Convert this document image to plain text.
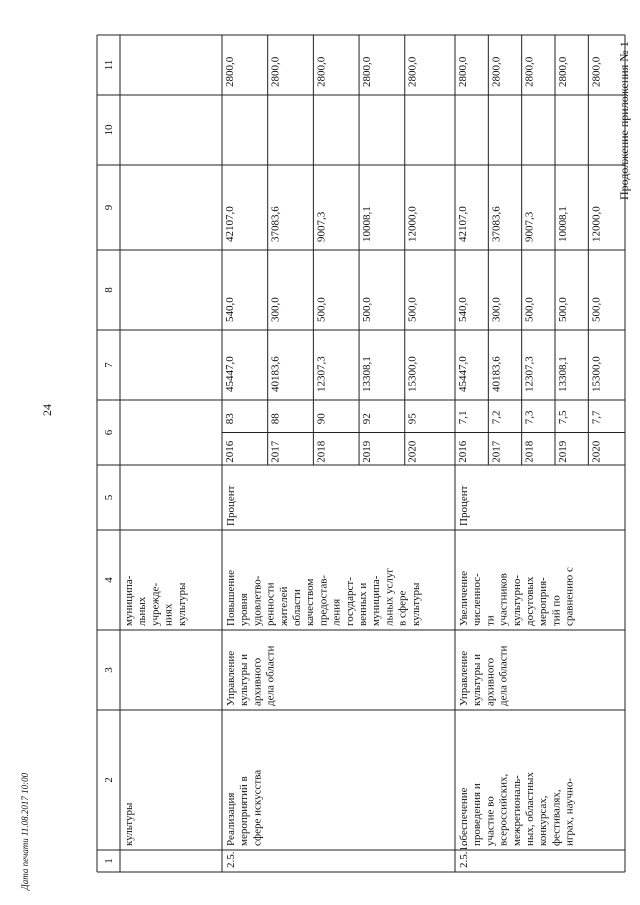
24
Продолжение приложения № 1
Дата печати 11.08.2017 10:00	1
2
3
4
5
6
7
8
9
10
11
культуры
муниципа- льных учрежде- ниях культуры
2.5.
Реализация мероприятий в сфере искусства
Управление культуры и архивного дела области
Повышение уровня удовлетво- ренности жителей области качеством предостав- ления государст- венных и муниципа- льных услуг в сфере культуры
Процент
2016
83
45447,0
540,0
42107,0
2800,0
2017
88
40183,6
300,0
37083,6
2800,0
2018
90
12307,3
500,0
9007,3
2800,0
2019
92
13308,1
500,0
10008,1
2800,0
2020
95
15300,0
500,0
12000,0
2800,0
2.5.1.
обеспечение проведения и участие во всероссийских, межрегиональ- ных, областных конкурсах, фестивалях, играх, научно-
Управление культуры и архивного дела области
Увеличение численнос- ти участников культурно- досуговых мероприя- тий по сравнению с
Процент
2016
7,1
45447,0
540,0
42107,0
2800,0
2017
7,2
40183,6
300,0
37083,6
2800,0
2018
7,3
12307,3
500,0
9007,3
2800,0
2019
7,5
13308,1
500,0
10008,1
2800,0
2020
7,7
15300,0
500,0
12000,0
2800,0
